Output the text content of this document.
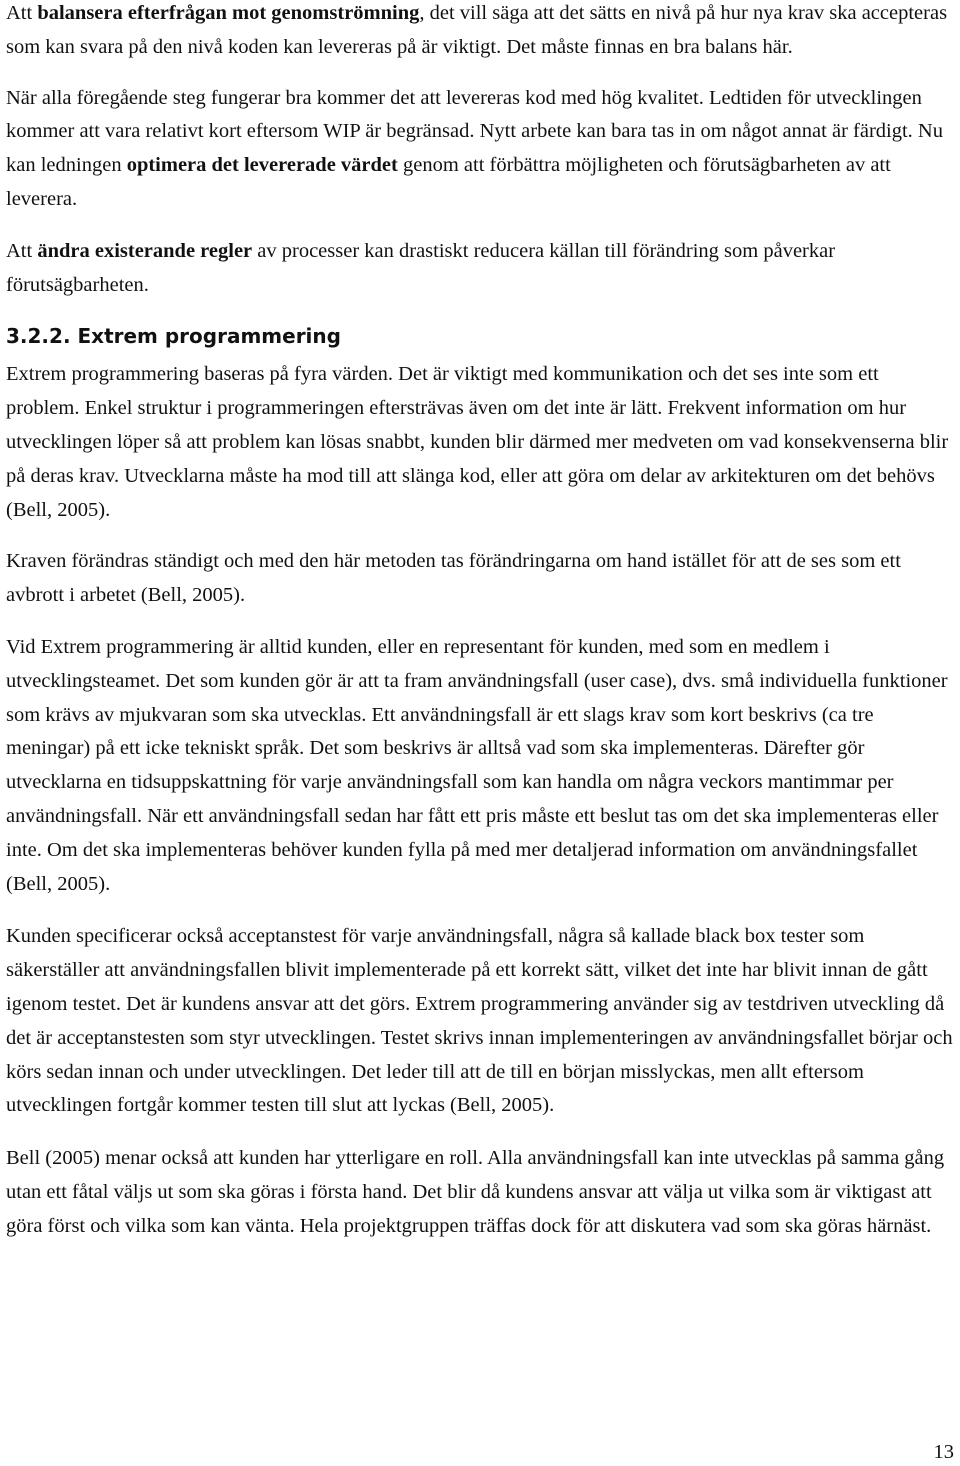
Att balansera efterfrågan mot genomströmning, det vill säga att det sätts en nivå på hur nya krav ska accepteras som kan svara på den nivå koden kan levereras på är viktigt. Det måste finnas en bra balans här.

När alla föregående steg fungerar bra kommer det att levereras kod med hög kvalitet. Ledtiden för utvecklingen kommer att vara relativt kort eftersom WIP är begränsad. Nytt arbete kan bara tas in om något annat är färdigt. Nu kan ledningen optimera det levererade värdet genom att förbättra möjligheten och förutsägbarheten av att leverera.

Att ändra existerande regler av processer kan drastiskt reducera källan till förändring som påverkar förutsägbarheten.

3.2.2. Extrem programmering

Extrem programmering baseras på fyra värden. Det är viktigt med kommunikation och det ses inte som ett problem. Enkel struktur i programmeringen eftersträvas även om det inte är lätt. Frekvent information om hur utvecklingen löper så att problem kan lösas snabbt, kunden blir därmed mer medveten om vad konsekvenserna blir på deras krav. Utvecklarna måste ha mod till att slänga kod, eller att göra om delar av arkitekturen om det behövs (Bell, 2005).

Kraven förändras ständigt och med den här metoden tas förändringarna om hand istället för att de ses som ett avbrott i arbetet (Bell, 2005).

Vid Extrem programmering är alltid kunden, eller en representant för kunden, med som en medlem i utvecklingsteamet. Det som kunden gör är att ta fram användningsfall (user case), dvs. små individuella funktioner som krävs av mjukvaran som ska utvecklas. Ett användningsfall är ett slags krav som kort beskrivs (ca tre meningar) på ett icke tekniskt språk. Det som beskrivs är alltså vad som ska implementeras. Därefter gör utvecklarna en tidsuppskattning för varje användningsfall som kan handla om några veckors mantimmar per användningsfall. När ett användningsfall sedan har fått ett pris måste ett beslut tas om det ska implementeras eller inte. Om det ska implementeras behöver kunden fylla på med mer detaljerad information om användningsfallet (Bell, 2005).

Kunden specificerar också acceptanstest för varje användningsfall, några så kallade black box tester som säkerställer att användningsfallen blivit implementerade på ett korrekt sätt, vilket det inte har blivit innan de gått igenom testet. Det är kundens ansvar att det görs. Extrem programmering använder sig av testdriven utveckling då det är acceptanstesten som styr utvecklingen. Testet skrivs innan implementeringen av användningsfallet börjar och körs sedan innan och under utvecklingen. Det leder till att de till en början misslyckas, men allt eftersom utvecklingen fortgår kommer testen till slut att lyckas (Bell, 2005).

Bell (2005) menar också att kunden har ytterligare en roll. Alla användningsfall kan inte utvecklas på samma gång utan ett fåtal väljs ut som ska göras i första hand. Det blir då kundens ansvar att välja ut vilka som är viktigast att göra först och vilka som kan vänta. Hela projektgruppen träffas dock för att diskutera vad som ska göras härnäst.

13
